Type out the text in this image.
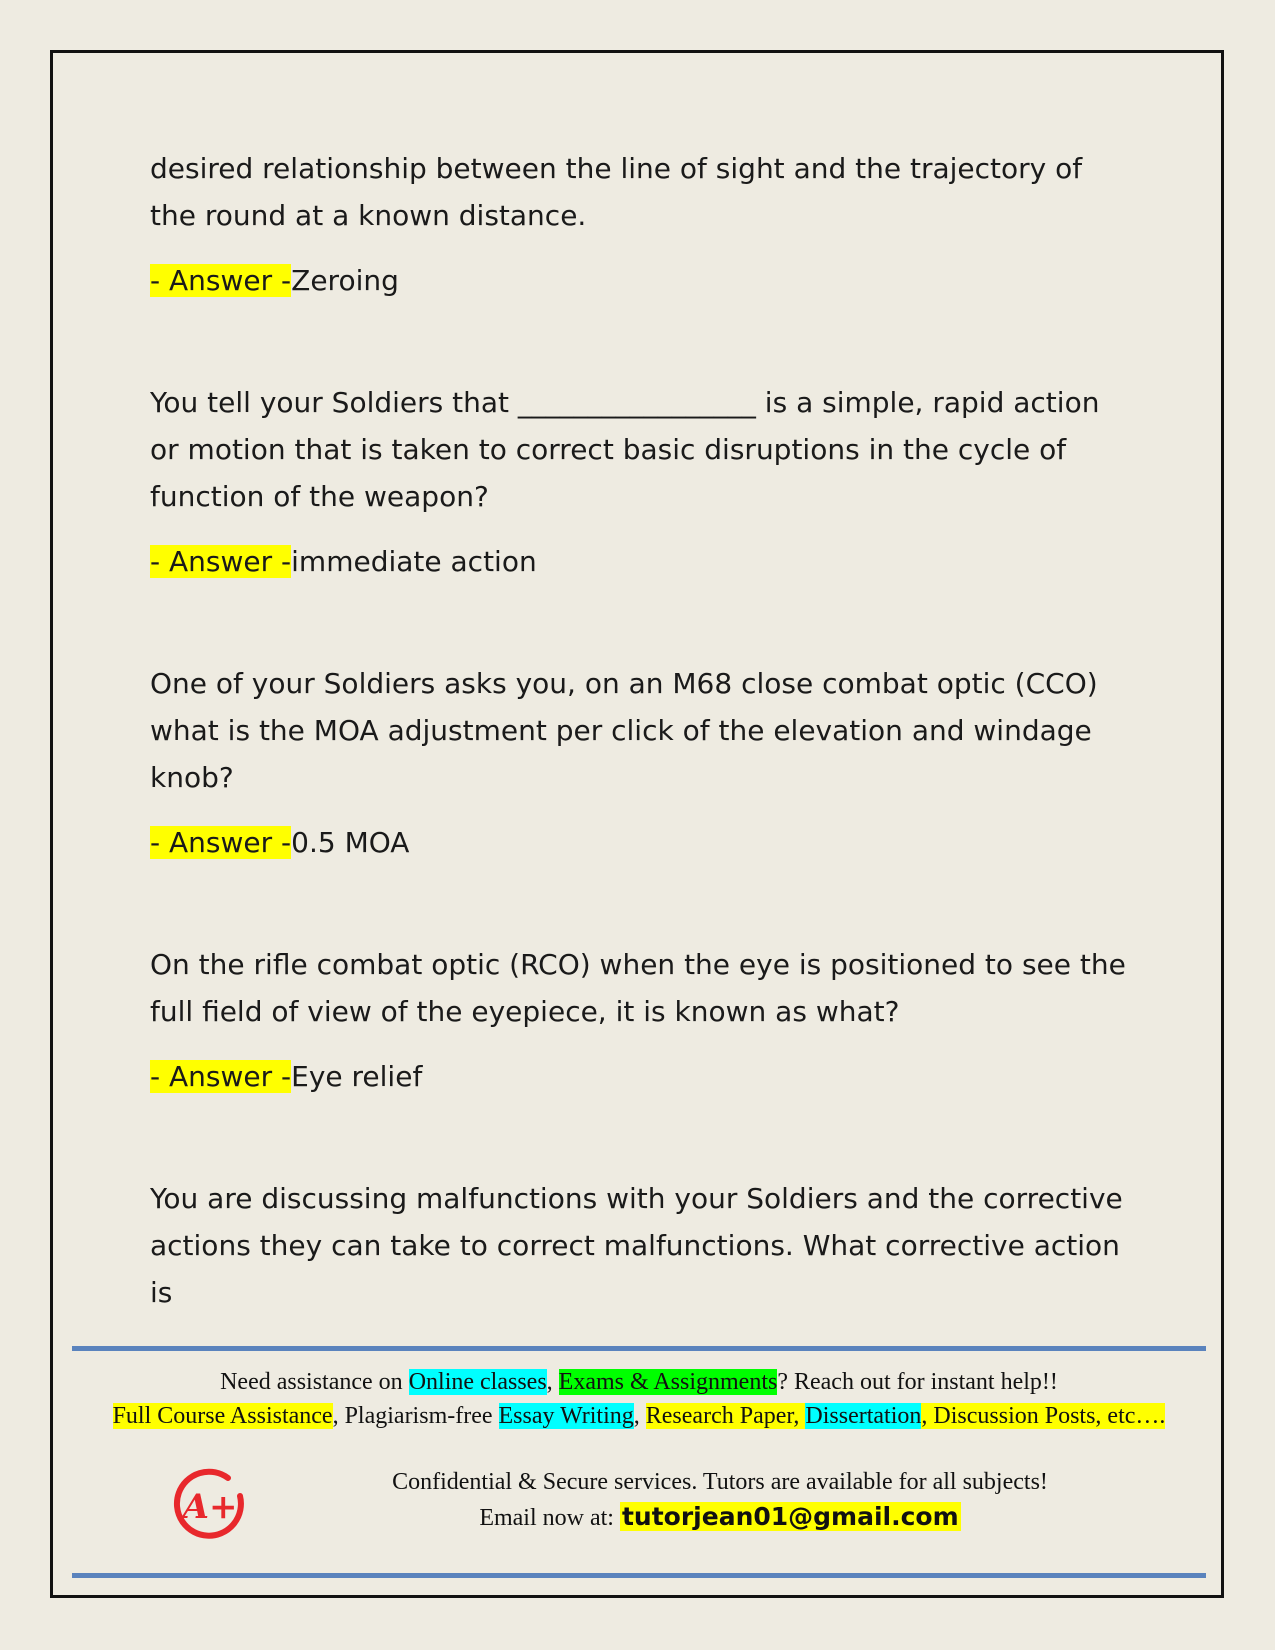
desired relationship between the line of sight and the trajectory of the round at a known distance.

- Answer -Zeroing

You tell your Soldiers that _________________ is a simple, rapid action or motion that is taken to correct basic disruptions in the cycle of function of the weapon?

- Answer -immediate action

One of your Soldiers asks you, on an M68 close combat optic (CCO) what is the MOA adjustment per click of the elevation and windage knob?

- Answer -0.5 MOA

On the rifle combat optic (RCO) when the eye is positioned to see the full field of view of the eyepiece, it is known as what?

- Answer -Eye relief

You are discussing malfunctions with your Soldiers and the corrective actions they can take to correct malfunctions. What corrective action is

Need assistance on Online classes, Exams & Assignments? Reach out for instant help!!
Full Course Assistance, Plagiarism-free Essay Writing, Research Paper, Dissertation, Discussion Posts, etc….
A+
Confidential & Secure services. Tutors are available for all subjects!
Email now at: tutorjean01@gmail.com
